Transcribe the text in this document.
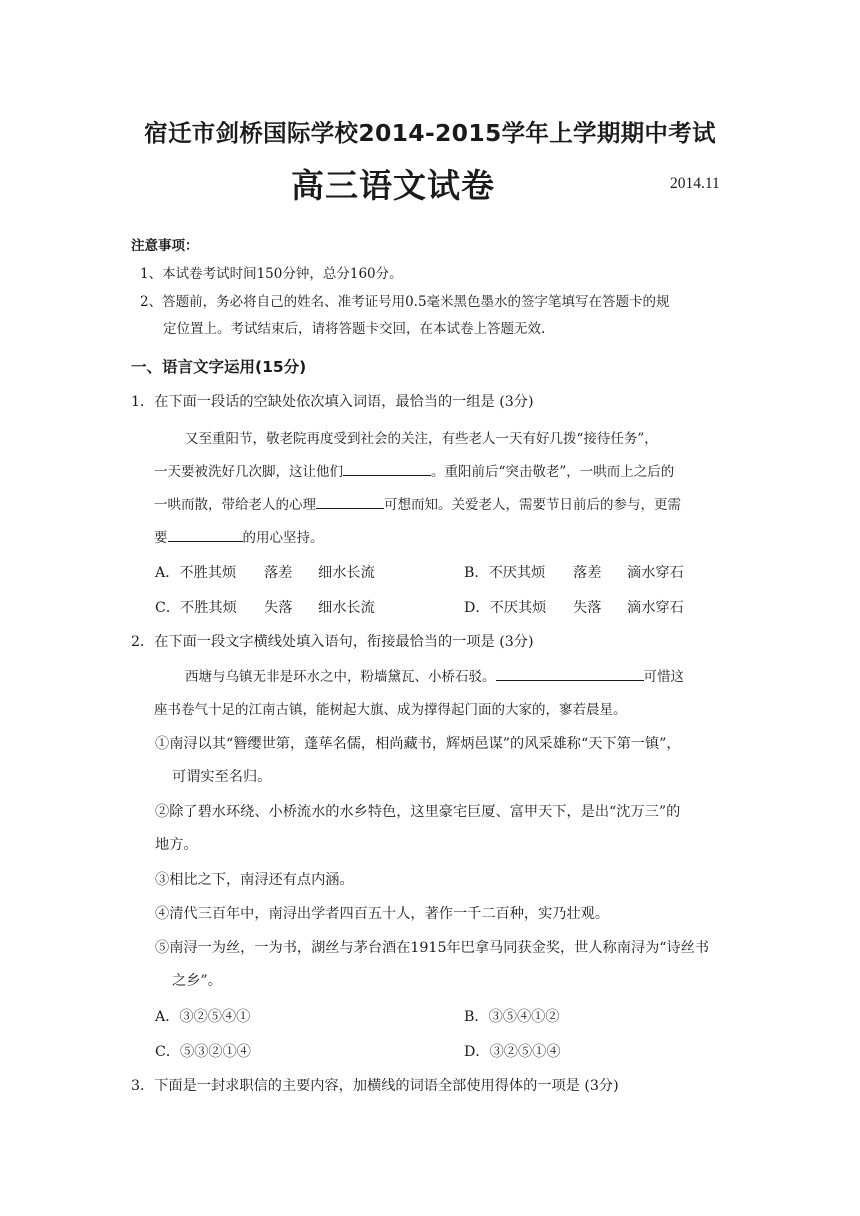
宿迁市剑桥国际学校2014-2015学年上学期期中考试
高三语文试卷	2014.11
注意事项：
1、本试卷考试时间150分钟，总分160分。
2、答题前，务必将自己的姓名、准考证号用0.5毫米黑色墨水的签字笔填写在答题卡的规
定位置上。考试结束后，请将答题卡交回，在本试卷上答题无效.
一、语言文字运用(15分)
1．在下面一段话的空缺处依次填入词语，最恰当的一组是 (3分)
又至重阳节，敬老院再度受到社会的关注，有些老人一天有好几拨“接待任务”，
一天要被洗好几次脚，这让他们	。重阳前后“突击敬老”，一哄而上之后的
一哄而散，带给老人的心理	可想而知。关爱老人，需要节日前后的参与，更需
要	的用心坚持。
A．不胜其烦 落差 细水长流	B．不厌其烦 落差 滴水穿石
C．不胜其烦 失落 细水长流	D．不厌其烦 失落 滴水穿石
2．在下面一段文字横线处填入语句，衔接最恰当的一项是 (3分)
西塘与乌镇无非是环水之中，粉墙黛瓦、小桥石驳。	可惜这
座书卷气十足的江南古镇，能树起大旗、成为撑得起门面的大家的，寥若晨星。
①南浔以其“簪缨世第，蓬荜名儒，相尚藏书，辉炳邑谋”的风采雄称“天下第一镇”，
可谓实至名归。
②除了碧水环绕、小桥流水的水乡特色，这里豪宅巨厦、富甲天下，是出“沈万三”的
地方。
③相比之下，南浔还有点内涵。
④清代三百年中，南浔出学者四百五十人，著作一千二百种，实乃壮观。
⑤南浔一为丝，一为书，湖丝与茅台酒在1915年巴拿马同获金奖，世人称南浔为“诗丝书
之乡”。
A．③②⑤④①	B．③⑤④①②
C．⑤③②①④	D．③②⑤①④
3．下面是一封求职信的主要内容，加横线的词语全部使用得体的一项是 (3分)
